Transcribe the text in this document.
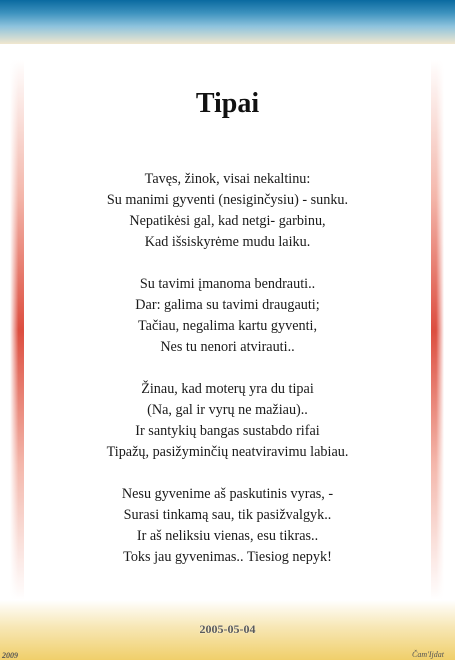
Tipai
Tavęs, žinok, visai nekaltinu:
Su manimi gyventi (nesiginčysiu) - sunku.
Nepatikėsi gal, kad netgi- garbinu,
Kad išsiskyrėme mudu laiku.
Su tavimi įmanoma bendrauti..
Dar: galima su tavimi draugauti;
Tačiau, negalima kartu gyventi,
Nes tu nenori atvirauti..
Žinau, kad moterų yra du tipai
(Na, gal ir vyrų ne mažiau)..
Ir santykių bangas sustabdo rifai
Tipažų, pasižyminčių neatviravimu labiau.
Nesu gyvenime aš paskutinis vyras, -
Surasi tinkamą sau, tik pasižvalgyk..
Ir aš neliksiu vienas, esu tikras..
Toks jau gyvenimas.. Tiesiog nepyk!
2005-05-04
2009	Čam'Ijdat
